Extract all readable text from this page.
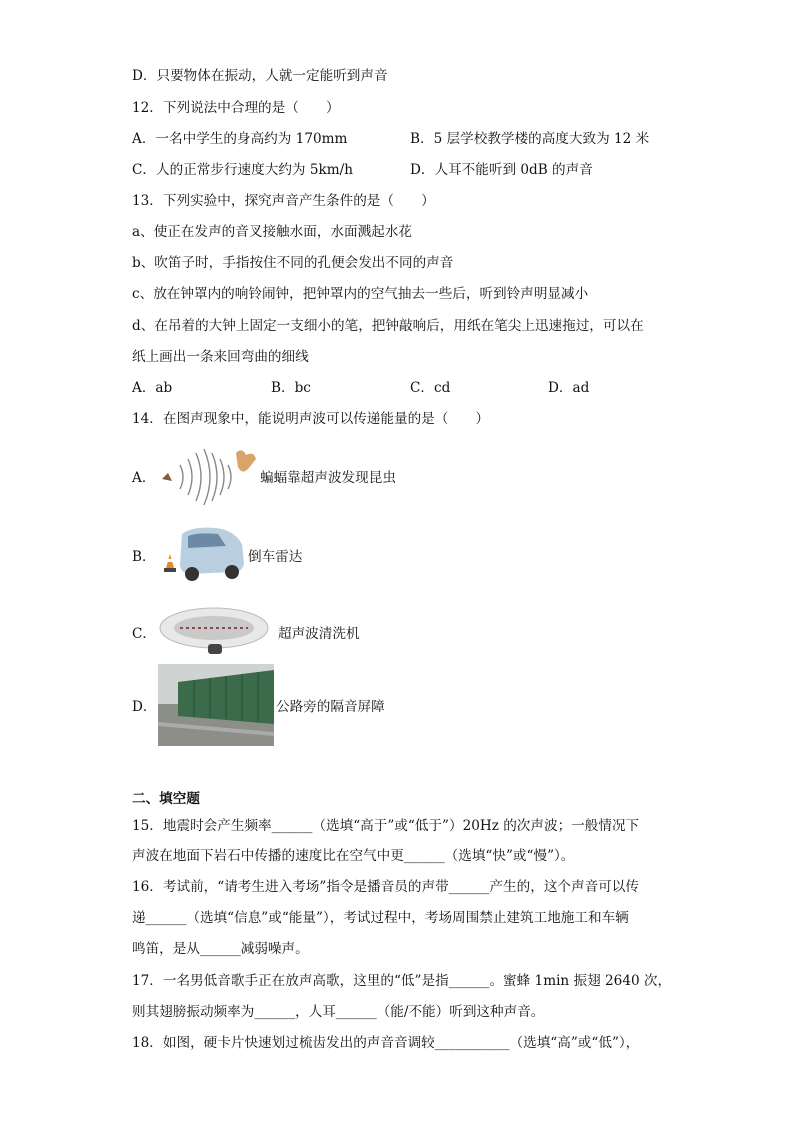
D．只要物体在振动，人就一定能听到声音
12．下列说法中合理的是（　　）
A．一名中学生的身高约为 170mm	B．5 层学校教学楼的高度大致为 12 米
C．人的正常步行速度大约为 5km/h	D．人耳不能听到 0dB 的声音
13．下列实验中，探究声音产生条件的是（　　）
a、使正在发声的音叉接触水面，水面溅起水花
b、吹笛子时，手指按住不同的孔便会发出不同的声音
c、放在钟罩内的响铃闹钟，把钟罩内的空气抽去一些后，听到铃声明显减小
d、在吊着的大钟上固定一支细小的笔，把钟敲响后，用纸在笔尖上迅速拖过，可以在
纸上画出一条来回弯曲的细线
A．ab	B．bc	C．cd	D．ad
14．在图声现象中，能说明声波可以传递能量的是（　　）
A．	蝙蝠靠超声波发现昆虫
B．	倒车雷达
C．	超声波清洗机
D．	公路旁的隔音屏障
二、填空题
15．地震时会产生频率______（选填“高于”或“低于”）20Hz 的次声波；一般情况下
声波在地面下岩石中传播的速度比在空气中更______（选填“快”或“慢”）。
16．考试前，“请考生进入考场”指令是播音员的声带______产生的，这个声音可以传
递______（选填“信息”或“能量”），考试过程中，考场周围禁止建筑工地施工和车辆
鸣笛，是从______减弱噪声。
17．一名男低音歌手正在放声高歌，这里的“低”是指______。蜜蜂 1min 振翅 2640 次，
则其翅膀振动频率为______，人耳______（能/不能）听到这种声音。
18．如图，硬卡片快速划过梳齿发出的声音音调较___________（选填“高”或“低”），
